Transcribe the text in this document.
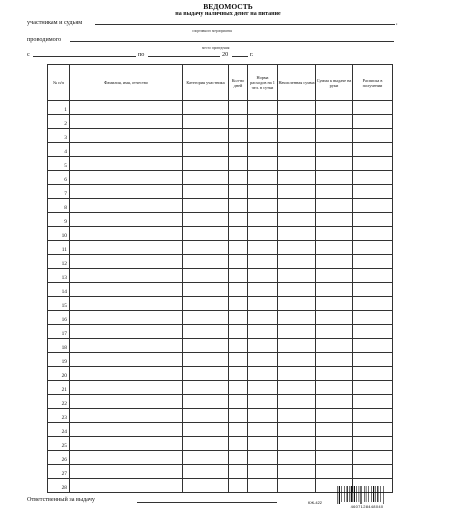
ВЕДОМОСТЬ
на выдачу наличных денег на питание
участникам и судьям	,
спортивного мероприятия
проводимого
место проведения
с	по	20	г.
№ п/п	Фамилия, имя, отчество	Категория участника	Кол-во дней	Норма расходов на 1 чел. в сутки	Начисленная сумма	Сумма к выдаче на руки	Расписка в получении
1							
2							
3							
4							
5							
6							
7							
8							
9							
10							
11							
12							
13							
14							
15							
16							
17							
18							
19							
20							
21							
22							
23							
24							
25							
26							
27							
28							
Ответственный за выдачу	КЖ-422
4607128448040
